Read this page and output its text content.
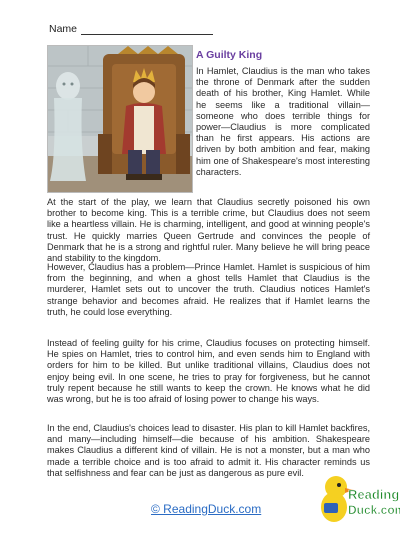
Name
A Guilty King

In Hamlet, Claudius is the man who takes the throne of Denmark after the sudden death of his brother, King Hamlet. While he seems like a traditional villain—someone who does terrible things for power—Claudius is more complicated than he first appears. His actions are driven by both ambition and fear, making him one of Shakespeare's most interesting characters.

At the start of the play, we learn that Claudius secretly poisoned his own brother to become king. This is a terrible crime, but Claudius does not seem like a heartless villain. He is charming, intelligent, and good at winning people's trust. He quickly marries Queen Gertrude and convinces the people of Denmark that he is a strong and rightful ruler. Many believe he will bring peace and stability to the kingdom.

However, Claudius has a problem—Prince Hamlet. Hamlet is suspicious of him from the beginning, and when a ghost tells Hamlet that Claudius is the murderer, Hamlet sets out to uncover the truth. Claudius notices Hamlet's strange behavior and becomes afraid. He realizes that if Hamlet learns the truth, he could lose everything.

Instead of feeling guilty for his crime, Claudius focuses on protecting himself. He spies on Hamlet, tries to control him, and even sends him to England with orders for him to be killed. But unlike traditional villains, Claudius does not enjoy being evil. In one scene, he tries to pray for forgiveness, but he cannot truly repent because he still wants to keep the crown. He knows what he did was wrong, but he is too afraid of losing power to change his ways.

In the end, Claudius's choices lead to disaster. His plan to kill Hamlet backfires, and many—including himself—die because of his ambition. Shakespeare makes Claudius a different kind of villain. He is not a monster, but a man who made a terrible choice and is too afraid to admit it. His character reminds us that selfishness and fear can be just as dangerous as pure evil.

© ReadingDuck.com
Reading
Duck.com
